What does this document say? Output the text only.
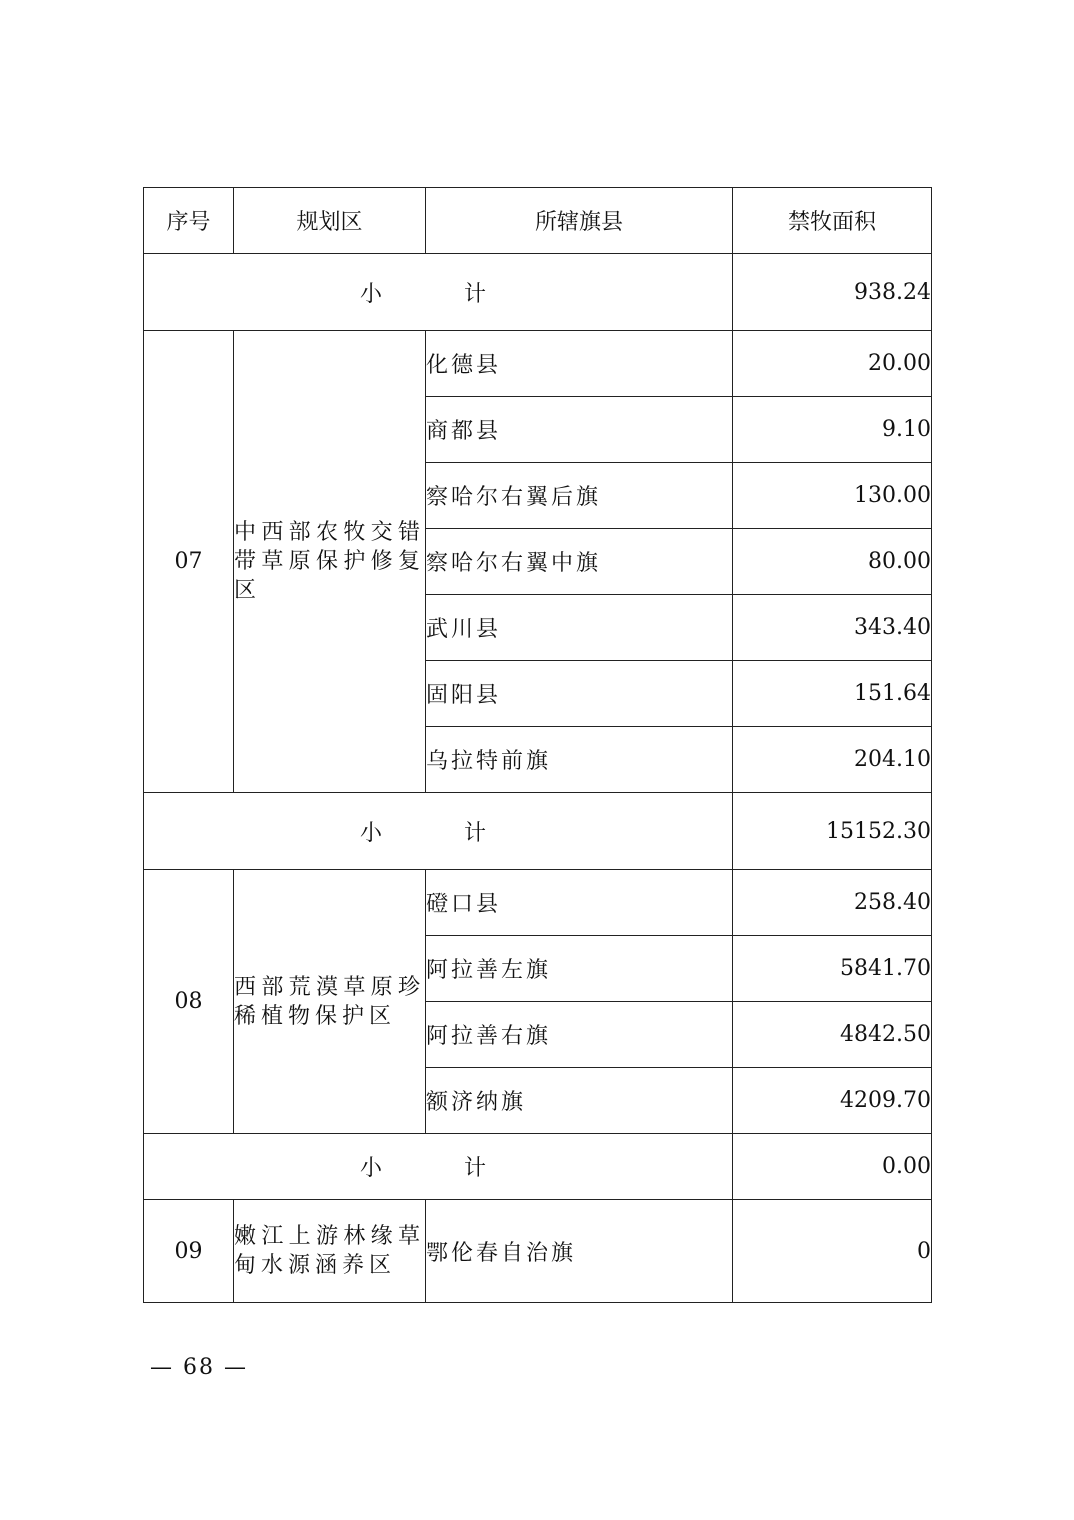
序号	规划区	所辖旗县	禁牧面积
小　计			938.24
07	中西部农牧交错带草原保护修复区	化德县	20.00
		商都县	9.10
		察哈尔右翼后旗	130.00
		察哈尔右翼中旗	80.00
		武川县	343.40
		固阳县	151.64
		乌拉特前旗	204.10
小　计			15152.30
08	西部荒漠草原珍稀植物保护区	磴口县	258.40
		阿拉善左旗	5841.70
		阿拉善右旗	4842.50
		额济纳旗	4209.70
小　计			0.00
09	嫩江上游林缘草甸水源涵养区	鄂伦春自治旗	0
— 68 —
